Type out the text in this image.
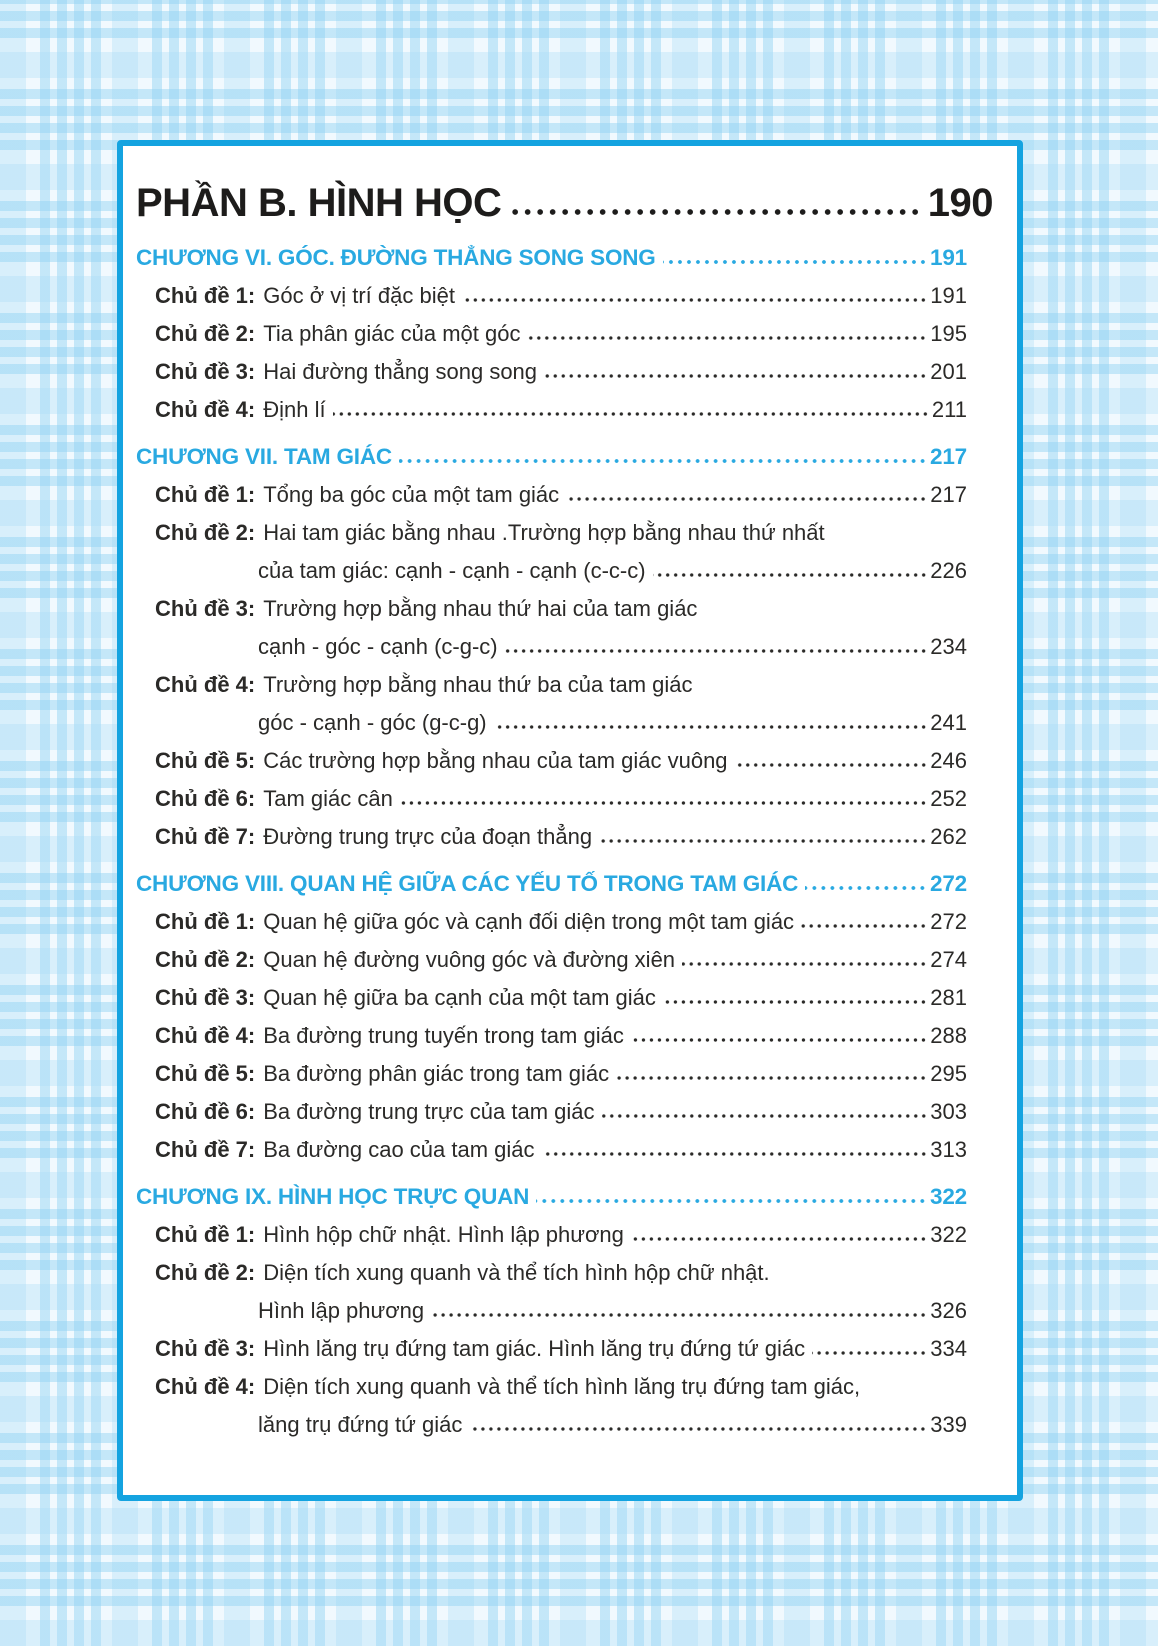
PHẦN B. HÌNH HỌC	190
CHƯƠNG VI. GÓC. ĐƯỜNG THẲNG SONG SONG	191
Chủ đề 1: Góc ở vị trí đặc biệt	191
Chủ đề 2: Tia phân giác của một góc	195
Chủ đề 3: Hai đường thẳng song song	201
Chủ đề 4: Định lí	211
CHƯƠNG VII. TAM GIÁC	217
Chủ đề 1: Tổng ba góc của một tam giác	217
Chủ đề 2: Hai tam giác bằng nhau .Trường hợp bằng nhau thứ nhất
của tam giác: cạnh - cạnh - cạnh (c-c-c)	226
Chủ đề 3: Trường hợp bằng nhau thứ hai của tam giác
cạnh - góc - cạnh (c-g-c)	234
Chủ đề 4: Trường hợp bằng nhau thứ ba của tam giác
góc - cạnh - góc (g-c-g)	241
Chủ đề 5: Các trường hợp bằng nhau của tam giác vuông	246
Chủ đề 6: Tam giác cân	252
Chủ đề 7: Đường trung trực của đoạn thẳng	262
CHƯƠNG VIII. QUAN HỆ GIỮA CÁC YẾU TỐ TRONG TAM GIÁC	272
Chủ đề 1: Quan hệ giữa góc và cạnh đối diện trong một tam giác	272
Chủ đề 2: Quan hệ đường vuông góc và đường xiên	274
Chủ đề 3: Quan hệ giữa ba cạnh của một tam giác	281
Chủ đề 4: Ba đường trung tuyến trong tam giác	288
Chủ đề 5: Ba đường phân giác trong tam giác	295
Chủ đề 6: Ba đường trung trực của tam giác	303
Chủ đề 7: Ba đường cao của tam giác	313
CHƯƠNG IX. HÌNH HỌC TRỰC QUAN	322
Chủ đề 1: Hình hộp chữ nhật. Hình lập phương	322
Chủ đề 2: Diện tích xung quanh và thể tích hình hộp chữ nhật.
Hình lập phương	326
Chủ đề 3: Hình lăng trụ đứng tam giác. Hình lăng trụ đứng tứ giác	334
Chủ đề 4: Diện tích xung quanh và thể tích hình lăng trụ đứng tam giác,
lăng trụ đứng tứ giác	339
